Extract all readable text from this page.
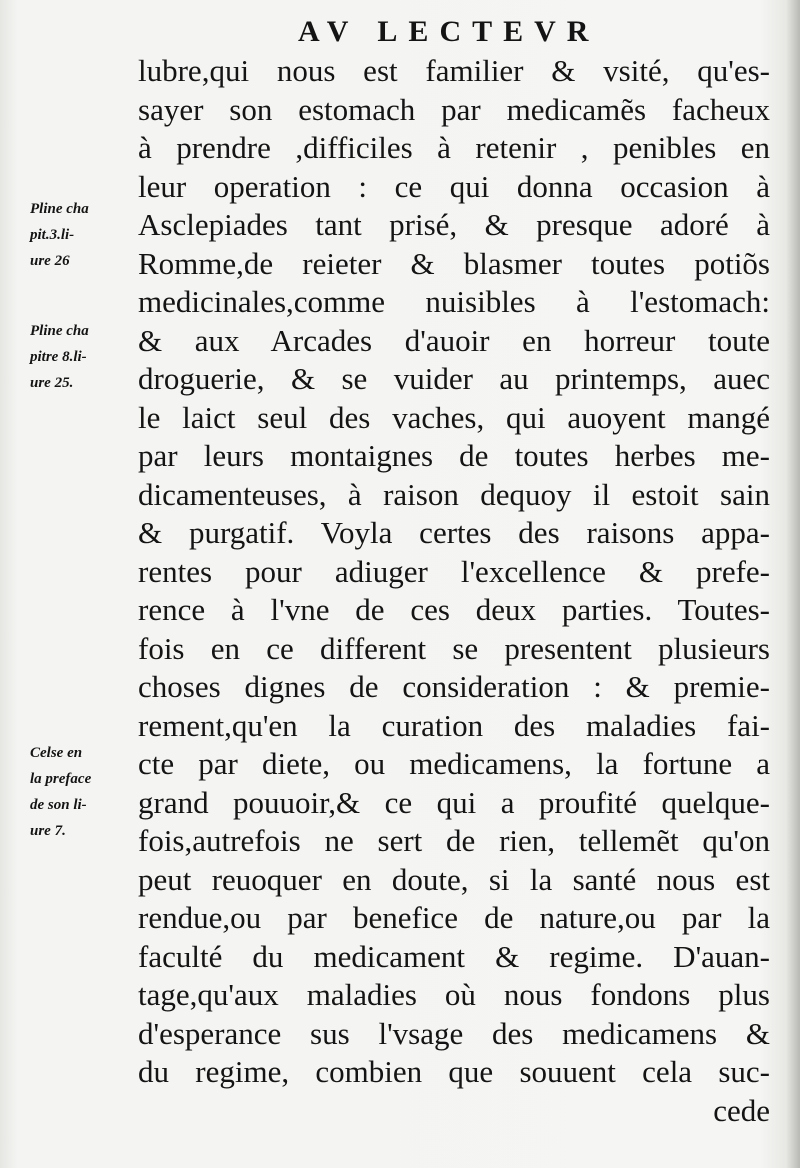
AV LECTEVR
lubre,qui nous est familier & vsité, qu'es-
sayer son estomach par medicamẽs facheux
à prendre ,difficiles à retenir , penibles en
leur operation : ce qui donna occasion à
Asclepiades tant prisé, & presque adoré à
Romme,de reieter & blasmer toutes potiõs
medicinales,comme nuisibles à l'estomach:
& aux Arcades d'auoir en horreur toute
droguerie, & se vuider au printemps, auec
le laict seul des vaches, qui auoyent mangé
par leurs montaignes de toutes herbes me-
dicamenteuses, à raison dequoy il estoit sain
& purgatif. Voyla certes des raisons appa-
rentes pour adiuger l'excellence & prefe-
rence à l'vne de ces deux parties. Toutes-
fois en ce different se presentent plusieurs
choses dignes de consideration : & premie-
rement,qu'en la curation des maladies fai-
cte par diete, ou medicamens, la fortune a
grand pouuoir,& ce qui a proufité quelque-
fois,autrefois ne sert de rien, tellemẽt qu'on
peut reuoquer en doute, si la santé nous est
rendue,ou par benefice de nature,ou par la
faculté du medicament & regime. D'auan-
tage,qu'aux maladies où nous fondons plus
d'esperance sus l'vsage des medicamens &
du regime, combien que souuent cela suc-
cede
Pline cha
pit.3.li-
ure 26
Pline cha
pitre 8.li-
ure 25.
Celse en
la preface
de son li-
ure 7.
